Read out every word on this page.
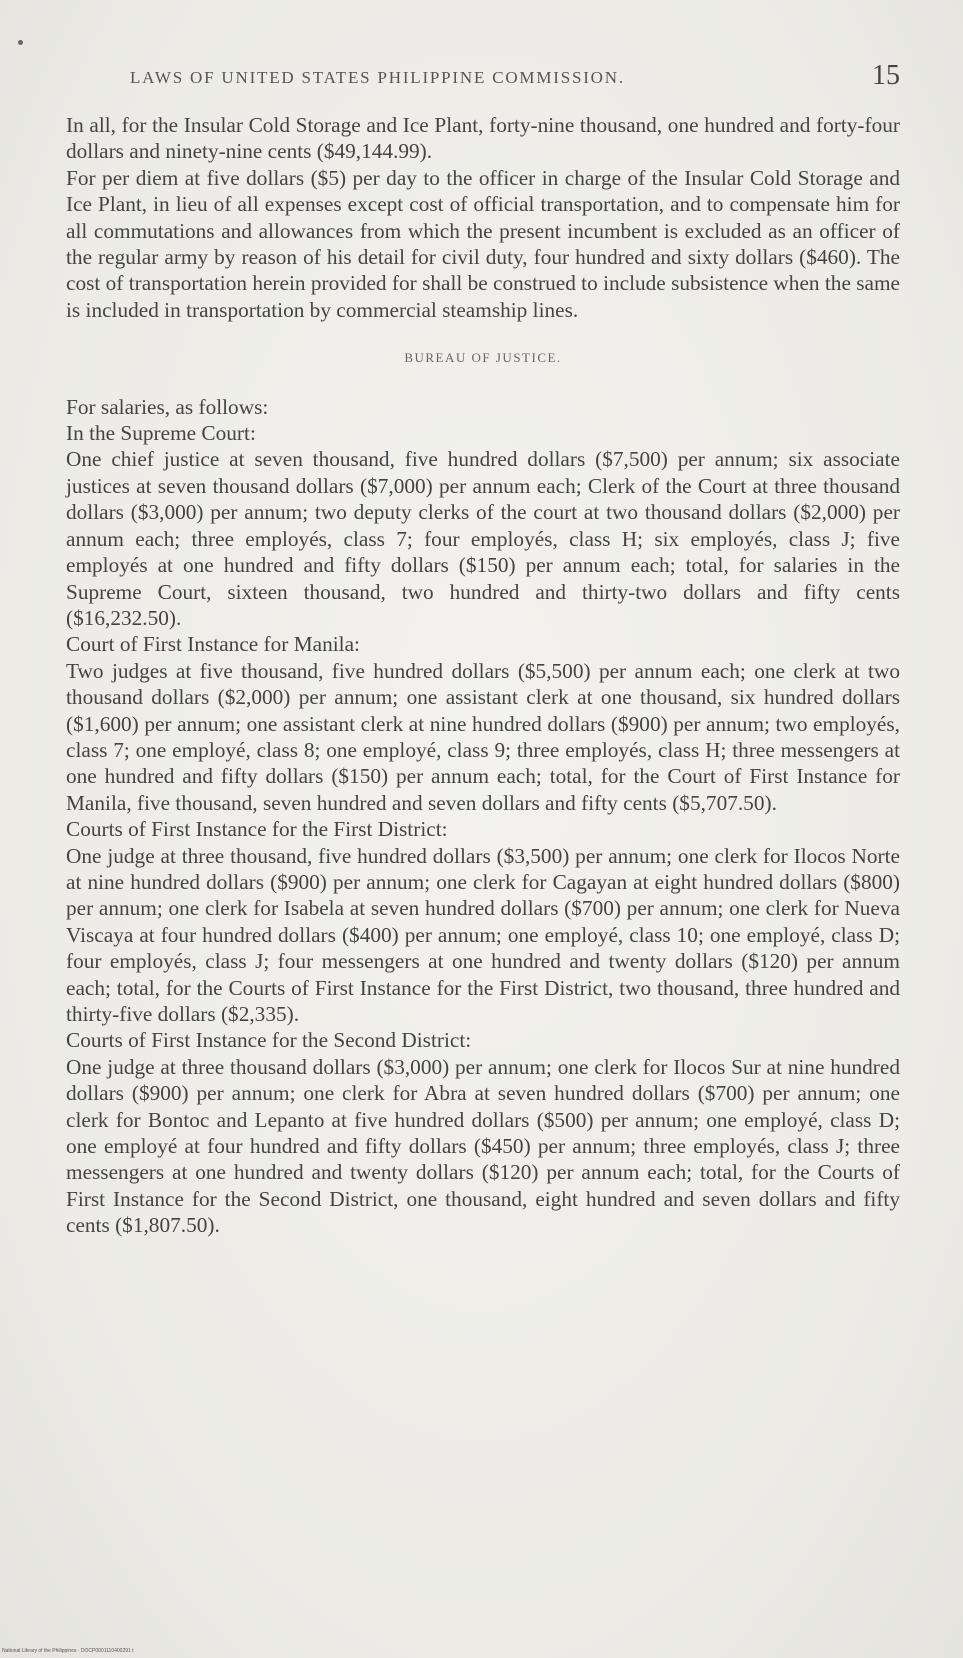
LAWS OF UNITED STATES PHILIPPINE COMMISSION.	15

In all, for the Insular Cold Storage and Ice Plant, forty-nine thousand, one hundred and forty-four dollars and ninety-nine cents ($49,144.99).

For per diem at five dollars ($5) per day to the officer in charge of the Insular Cold Storage and Ice Plant, in lieu of all expenses except cost of official transportation, and to compensate him for all commutations and allowances from which the present incumbent is excluded as an officer of the regular army by reason of his detail for civil duty, four hundred and sixty dollars ($460). The cost of transportation herein provided for shall be construed to include subsistence when the same is included in transportation by commercial steamship lines.

BUREAU OF JUSTICE.

For salaries, as follows:

In the Supreme Court:

One chief justice at seven thousand, five hundred dollars ($7,500) per annum; six associate justices at seven thousand dollars ($7,000) per annum each; Clerk of the Court at three thousand dollars ($3,000) per annum; two deputy clerks of the court at two thousand dollars ($2,000) per annum each; three employés, class 7; four employés, class H; six employés, class J; five employés at one hundred and fifty dollars ($150) per annum each; total, for salaries in the Supreme Court, sixteen thousand, two hundred and thirty-two dollars and fifty cents ($16,232.50).

Court of First Instance for Manila:

Two judges at five thousand, five hundred dollars ($5,500) per annum each; one clerk at two thousand dollars ($2,000) per annum; one assistant clerk at one thousand, six hundred dollars ($1,600) per annum; one assistant clerk at nine hundred dollars ($900) per annum; two employés, class 7; one employé, class 8; one employé, class 9; three employés, class H; three messengers at one hundred and fifty dollars ($150) per annum each; total, for the Court of First Instance for Manila, five thousand, seven hundred and seven dollars and fifty cents ($5,707.50).

Courts of First Instance for the First District:

One judge at three thousand, five hundred dollars ($3,500) per annum; one clerk for Ilocos Norte at nine hundred dollars ($900) per annum; one clerk for Cagayan at eight hundred dollars ($800) per annum; one clerk for Isabela at seven hundred dollars ($700) per annum; one clerk for Nueva Viscaya at four hundred dollars ($400) per annum; one employé, class 10; one employé, class D; four employés, class J; four messengers at one hundred and twenty dollars ($120) per annum each; total, for the Courts of First Instance for the First District, two thousand, three hundred and thirty-five dollars ($2,335).

Courts of First Instance for the Second District:

One judge at three thousand dollars ($3,000) per annum; one clerk for Ilocos Sur at nine hundred dollars ($900) per annum; one clerk for Abra at seven hundred dollars ($700) per annum; one clerk for Bontoc and Lepanto at five hundred dollars ($500) per annum; one employé, class D; one employé at four hundred and fifty dollars ($450) per annum; three employés, class J; three messengers at one hundred and twenty dollars ($120) per annum each; total, for the Courts of First Instance for the Second District, one thousand, eight hundred and seven dollars and fifty cents ($1,807.50).

National Library of the Philippines · DOCP0001110400291 t
